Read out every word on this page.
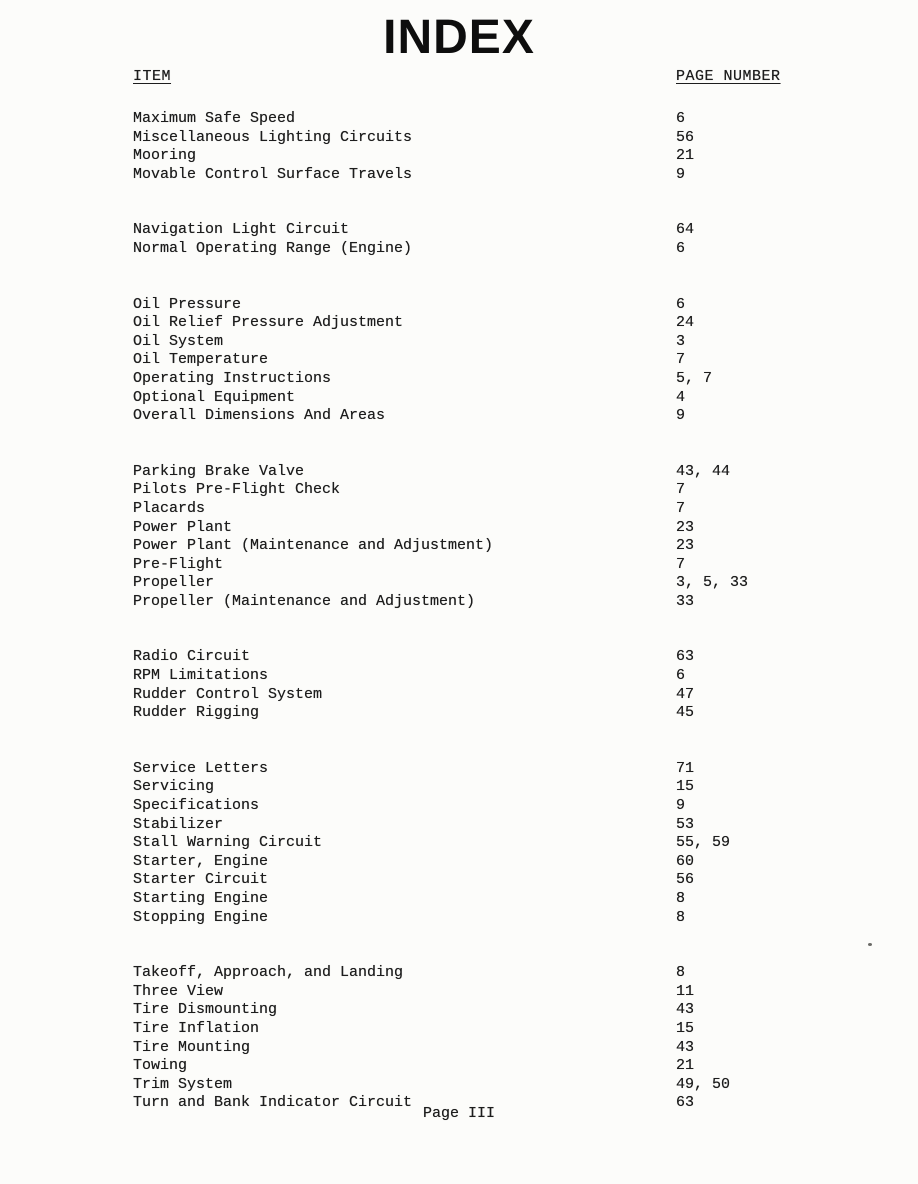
INDEX
ITEM	PAGE NUMBER
Maximum Safe Speed	6
Miscellaneous Lighting Circuits	56
Mooring	21
Movable Control Surface Travels	9
Navigation Light Circuit	64
Normal Operating Range (Engine)	6
Oil Pressure	6
Oil Relief Pressure Adjustment	24
Oil System	3
Oil Temperature	7
Operating Instructions	5, 7
Optional Equipment	4
Overall Dimensions And Areas	9
Parking Brake Valve	43, 44
Pilots Pre-Flight Check	7
Placards	7
Power Plant	23
Power Plant (Maintenance and Adjustment)	23
Pre-Flight	7
Propeller	3, 5, 33
Propeller (Maintenance and Adjustment)	33
Radio Circuit	63
RPM Limitations	6
Rudder Control System	47
Rudder Rigging	45
Service Letters	71
Servicing	15
Specifications	9
Stabilizer	53
Stall Warning Circuit	55, 59
Starter, Engine	60
Starter Circuit	56
Starting Engine	8
Stopping Engine	8
Takeoff, Approach, and Landing	8
Three View	11
Tire Dismounting	43
Tire Inflation	15
Tire Mounting	43
Towing	21
Trim System	49, 50
Turn and Bank Indicator Circuit	63
Page III
